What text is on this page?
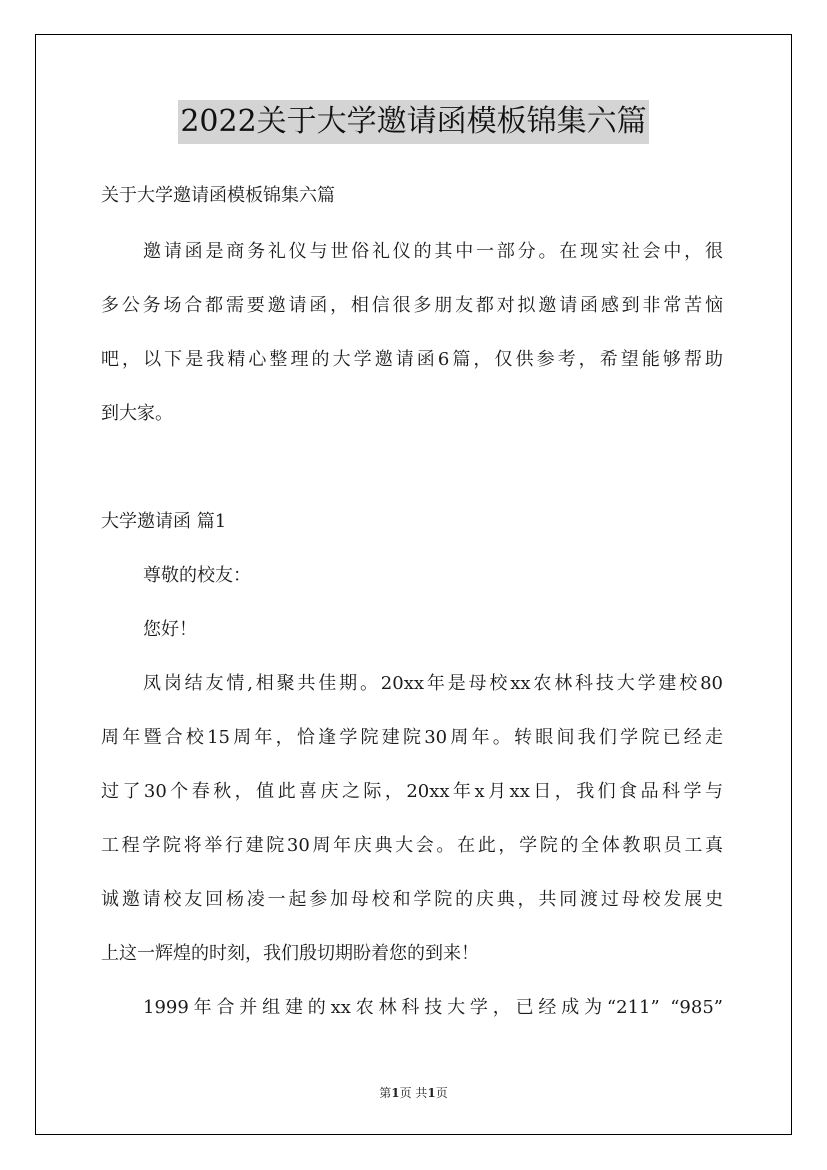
2022关于大学邀请函模板锦集六篇
关于大学邀请函模板锦集六篇
邀请函是商务礼仪与世俗礼仪的其中一部分。在现实社会中，很
多公务场合都需要邀请函，相信很多朋友都对拟邀请函感到非常苦恼
吧，以下是我精心整理的大学邀请函6篇，仅供参考，希望能够帮助
到大家。
大学邀请函 篇1
尊敬的校友：
您好！
凤岗结友情,相聚共佳期。20xx年是母校xx农林科技大学建校80
周年暨合校15周年，恰逢学院建院30周年。转眼间我们学院已经走
过了30个春秋，值此喜庆之际，20xx年x月xx日，我们食品科学与
工程学院将举行建院30周年庆典大会。在此，学院的全体教职员工真
诚邀请校友回杨凌一起参加母校和学院的庆典，共同渡过母校发展史
上这一辉煌的时刻，我们殷切期盼着您的到来！
1999年合并组建的xx农林科技大学，已经成为“211” “985”
第1页 共1页
